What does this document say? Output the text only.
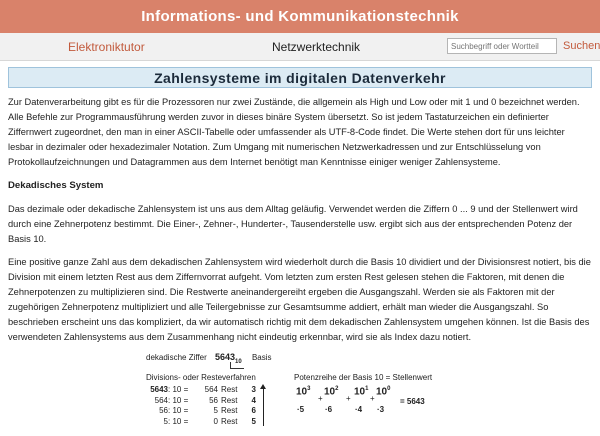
Informations- und Kommunikationstechnik
Elektroniktutor	Netzwerktechnik
Suchbegriff oder Wortteil	Suchen
Zahlensysteme im digitalen Datenverkehr

Zur Datenverarbeitung gibt es für die Prozessoren nur zwei Zustände, die allgemein als High und Low oder mit 1 und 0 bezeichnet werden. Alle Befehle zur Programmausführung werden zuvor in dieses binäre System übersetzt. So ist jedem Tastaturzeichen ein definierter Ziffernwert zugeordnet, den man in einer ASCII-Tabelle oder umfassender als UTF-8-Code findet. Die Werte stehen dort für uns leichter lesbar in dezimaler oder hexadezimaler Notation. Zum Umgang mit numerischen Netzwerkadressen und zur Entschlüsselung von Protokollaufzeichnungen und Datagrammen aus dem Internet benötigt man Kenntnisse einiger weniger Zahlensysteme.

Dekadisches System

Das dezimale oder dekadische Zahlensystem ist uns aus dem Alltag geläufig. Verwendet werden die Ziffern 0 ... 9 und der Stellenwert wird durch eine Zehnerpotenz bestimmt. Die Einer-, Zehner-, Hunderter-, Tausenderstelle usw. ergibt sich aus der entsprechenden Potenz der Basis 10.

Eine positive ganze Zahl aus dem dekadischen Zahlensystem wird wiederholt durch die Basis 10 dividiert und der Divisionsrest notiert, bis die Division mit einem letzten Rest aus dem Ziffernvorrat aufgeht. Vom letzten zum ersten Rest gelesen stehen die Faktoren, mit denen die Zehnerpotenzen zu multiplizieren sind. Die Restwerte aneinandergereiht ergeben die Ausgangszahl. Werden sie als Faktoren mit der zugehörigen Zehnerpotenz multipliziert und alle Teilergebnisse zur Gesamtsumme addiert, erhält man wieder die Ausgangszahl. So beschrieben erscheint uns das kompliziert, da wir automatisch richtig mit dem dekadischen Zahlensystem umgehen können. Ist die Basis des verwendeten Zahlensystems aus dem Zusammenhang nicht eindeutig erkennbar, wird sie als Index dazu notiert.

dekadische Ziffer $5643_{10}$ Basis
Divisions- oder Resteverfahren	Potenzreihe der Basis 10 = Stellenwert
5643 : 10 =	564 Rest	3
564 : 10 =	56 Rest	4
56 : 10 =	5 Rest	6
5 : 10 =	0 Rest	5
$10^3$
+
$10^2$
+
$10^1$
+
$10^0$
·5	·6	·4 ·3
= 5643
